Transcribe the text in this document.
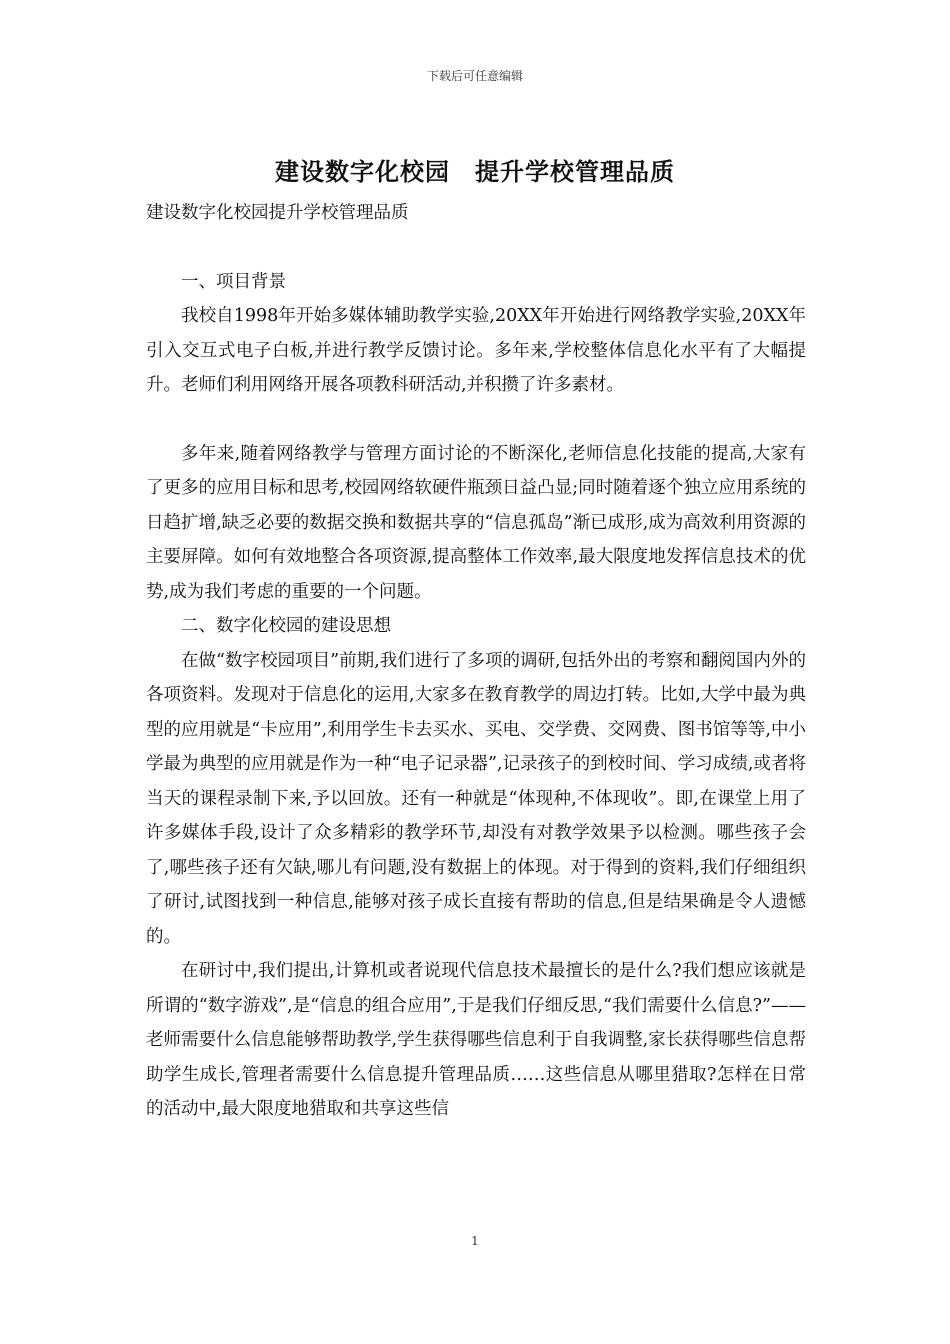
下载后可任意编辑
建设数字化校园　提升学校管理品质

建设数字化校园提升学校管理品质

一、项目背景

我校自1998年开始多媒体辅助教学实验,20XX年开始进行网络教学实验,20XX年引入交互式电子白板,并进行教学反馈讨论。多年来,学校整体信息化水平有了大幅提升。老师们利用网络开展各项教科研活动,并积攒了许多素材。

多年来,随着网络教学与管理方面讨论的不断深化,老师信息化技能的提高,大家有了更多的应用目标和思考,校园网络软硬件瓶颈日益凸显;同时随着逐个独立应用系统的日趋扩增,缺乏必要的数据交换和数据共享的“信息孤岛”渐已成形,成为高效利用资源的主要屏障。如何有效地整合各项资源,提高整体工作效率,最大限度地发挥信息技术的优势,成为我们考虑的重要的一个问题。

二、数字化校园的建设思想

在做“数字校园项目”前期,我们进行了多项的调研,包括外出的考察和翻阅国内外的各项资料。发现对于信息化的运用,大家多在教育教学的周边打转。比如,大学中最为典型的应用就是“卡应用”,利用学生卡去买水、买电、交学费、交网费、图书馆等等,中小学最为典型的应用就是作为一种“电子记录器”,记录孩子的到校时间、学习成绩,或者将当天的课程录制下来,予以回放。还有一种就是“体现种,不体现收”。即,在课堂上用了许多媒体手段,设计了众多精彩的教学环节,却没有对教学效果予以检测。哪些孩子会了,哪些孩子还有欠缺,哪儿有问题,没有数据上的体现。对于得到的资料,我们仔细组织了研讨,试图找到一种信息,能够对孩子成长直接有帮助的信息,但是结果确是令人遗憾的。

在研讨中,我们提出,计算机或者说现代信息技术最擅长的是什么?我们想应该就是所谓的“数字游戏”,是“信息的组合应用”,于是我们仔细反思,“我们需要什么信息?”——老师需要什么信息能够帮助教学,学生获得哪些信息利于自我调整,家长获得哪些信息帮助学生成长,管理者需要什么信息提升管理品质……这些信息从哪里猎取?怎样在日常的活动中,最大限度地猎取和共享这些信

1
